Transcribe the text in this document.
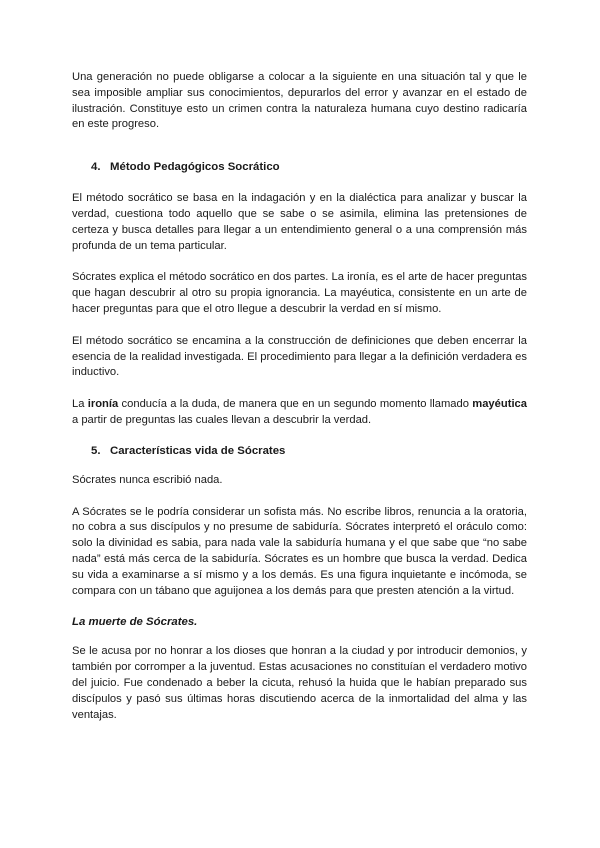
Una generación no puede obligarse a colocar a la siguiente en una situación tal y que le sea imposible ampliar sus conocimientos, depurarlos del error y avanzar en el estado de ilustración. Constituye esto un crimen contra la naturaleza humana cuyo destino radicaría en este progreso.

4. Método Pedagógicos Socrático

El método socrático se basa en la indagación y en la dialéctica para analizar y buscar la verdad, cuestiona todo aquello que se sabe o se asimila, elimina las pretensiones de certeza y busca detalles para llegar a un entendimiento general o a una comprensión más profunda de un tema particular.

Sócrates explica el método socrático en dos partes. La ironía, es el arte de hacer preguntas que hagan descubrir al otro su propia ignorancia. La mayéutica, consistente en un arte de hacer preguntas para que el otro llegue a descubrir la verdad en sí mismo.

El método socrático se encamina a la construcción de definiciones que deben encerrar la esencia de la realidad investigada. El procedimiento para llegar a la definición verdadera es inductivo.

La ironía conducía a la duda, de manera que en un segundo momento llamado mayéutica a partir de preguntas las cuales llevan a descubrir la verdad.

5. Características vida de Sócrates

Sócrates nunca escribió nada.

A Sócrates se le podría considerar un sofista más. No escribe libros, renuncia a la oratoria, no cobra a sus discípulos y no presume de sabiduría. Sócrates interpretó el oráculo como: solo la divinidad es sabia, para nada vale la sabiduría humana y el que sabe que “no sabe nada” está más cerca de la sabiduría. Sócrates es un hombre que busca la verdad. Dedica su vida a examinarse a sí mismo y a los demás. Es una figura inquietante e incómoda, se compara con un tábano que aguijonea a los demás para que presten atención a la virtud.

La muerte de Sócrates.

Se le acusa por no honrar a los dioses que honran a la ciudad y por introducir demonios, y también por corromper a la juventud. Estas acusaciones no constituían el verdadero motivo del juicio. Fue condenado a beber la cicuta, rehusó la huida que le habían preparado sus discípulos y pasó sus últimas horas discutiendo acerca de la inmortalidad del alma y las ventajas.
